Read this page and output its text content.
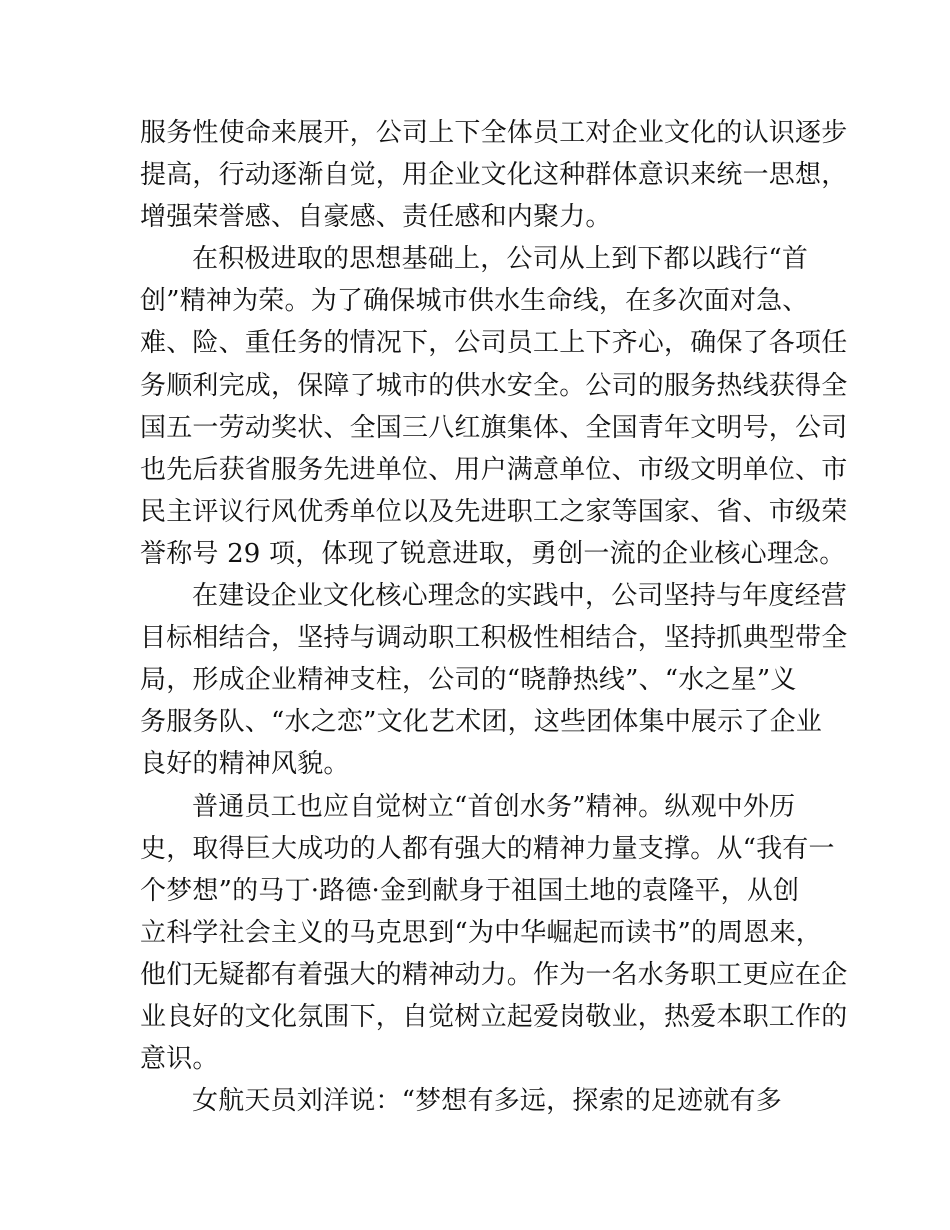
服务性使命来展开，公司上下全体员工对企业文化的认识逐步
提高，行动逐渐自觉，用企业文化这种群体意识来统一思想，
增强荣誉感、自豪感、责任感和内聚力。
在积极进取的思想基础上，公司从上到下都以践行“首
创”精神为荣。为了确保城市供水生命线，在多次面对急、
难、险、重任务的情况下，公司员工上下齐心，确保了各项任
务顺利完成，保障了城市的供水安全。公司的服务热线获得全
国五一劳动奖状、全国三八红旗集体、全国青年文明号，公司
也先后获省服务先进单位、用户满意单位、市级文明单位、市
民主评议行风优秀单位以及先进职工之家等国家、省、市级荣
誉称号 29 项，体现了锐意进取，勇创一流的企业核心理念。
在建设企业文化核心理念的实践中，公司坚持与年度经营
目标相结合，坚持与调动职工积极性相结合，坚持抓典型带全
局，形成企业精神支柱，公司的“晓静热线”、“水之星”义
务服务队、“水之恋”文化艺术团，这些团体集中展示了企业
良好的精神风貌。
普通员工也应自觉树立“首创水务”精神。纵观中外历
史，取得巨大成功的人都有强大的精神力量支撑。从“我有一
个梦想”的马丁·路德·金到献身于祖国土地的袁隆平，从创
立科学社会主义的马克思到“为中华崛起而读书”的周恩来，
他们无疑都有着强大的精神动力。作为一名水务职工更应在企
业良好的文化氛围下，自觉树立起爱岗敬业，热爱本职工作的
意识。
女航天员刘洋说：“梦想有多远，探索的足迹就有多
